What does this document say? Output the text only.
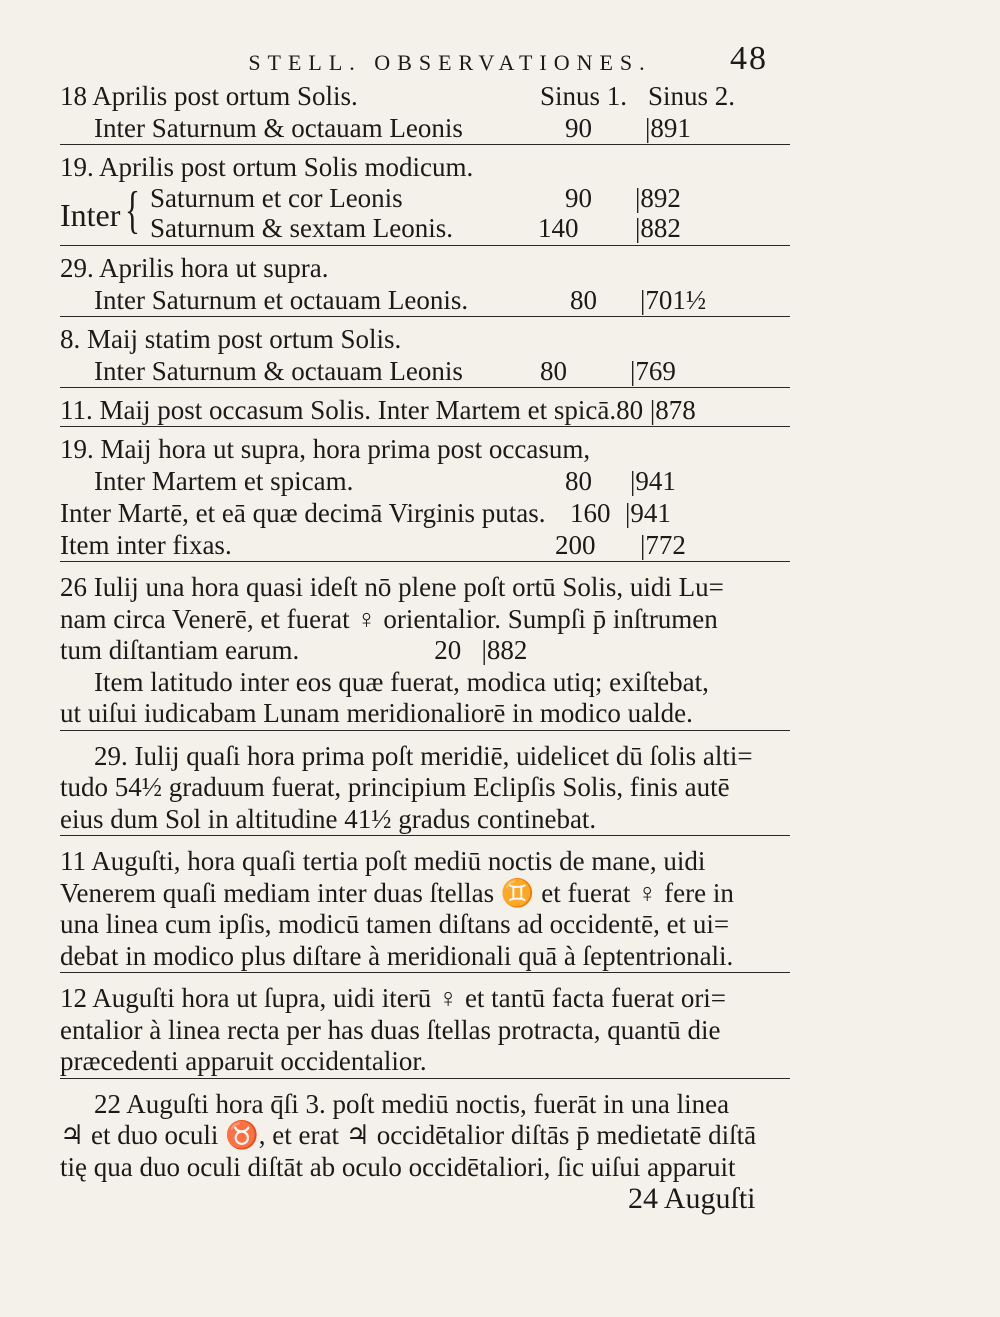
STELL. OBSERVATIONES.	48
18 Aprilis post ortum Solis.	Sinus 1. Sinus 2.
Inter Saturnum & octauam Leonis	90 |891
19. Aprilis post ortum Solis modicum.
Inter { Saturnum et cor Leonis	90 |892
Saturnum & sextam Leonis.	140 |882
29. Aprilis hora ut supra.
Inter Saturnum et octauam Leonis.	80 |701½
8. Maij statim post ortum Solis.
Inter Saturnum & octauam Leonis	80 |769
11. Maij post occasum Solis. Inter Martem et spicā.80 |878
19. Maij hora ut supra, hora prima post occasum,
Inter Martem et spicam.	80 |941
Inter Martē, et eā quæ decimā Virginis putas. 160 |941
Item inter fixas.	200 |772
26 Iulij una hora quasi ideſt nō plene poſt ortū Solis, uidi Lu=
nam circa Venerē, et fuerat ♀ orientalior. Sumpſi p̄ inſtrumen
tum diſtantiam earum.                    20   |882
Item latitudo inter eos quæ fuerat, modica utiq; exiſtebat,
ut uiſui iudicabam Lunam meridionaliorē in modico ualde.
29. Iulij quaſi hora prima poſt meridiē, uidelicet dū ſolis alti=
tudo 54½ graduum fuerat, principium Eclipſis Solis, finis autē
eius dum Sol in altitudine 41½ gradus continebat.
11 Auguſti, hora quaſi tertia poſt mediū noctis de mane, uidi
Venerem quaſi mediam inter duas ſtellas ♊ et fuerat ♀ fere in
una linea cum ipſis, modicū tamen diſtans ad occidentē, et ui=
debat in modico plus diſtare à meridionali quā à ſeptentrionali.
12 Auguſti hora ut ſupra, uidi iterū ♀ et tantū facta fuerat ori=
entalior à linea recta per has duas ſtellas protracta, quantū die
præcedenti apparuit occidentalior.
22 Auguſti hora q̄ſi 3. poſt mediū noctis, fuerāt in una linea
♃ et duo oculi ♉, et erat ♃ occidētalior diſtās p̄ medietatē diſtā
tię qua duo oculi diſtāt ab oculo occidētaliori, ſic uiſui apparuit
24 Auguſti
